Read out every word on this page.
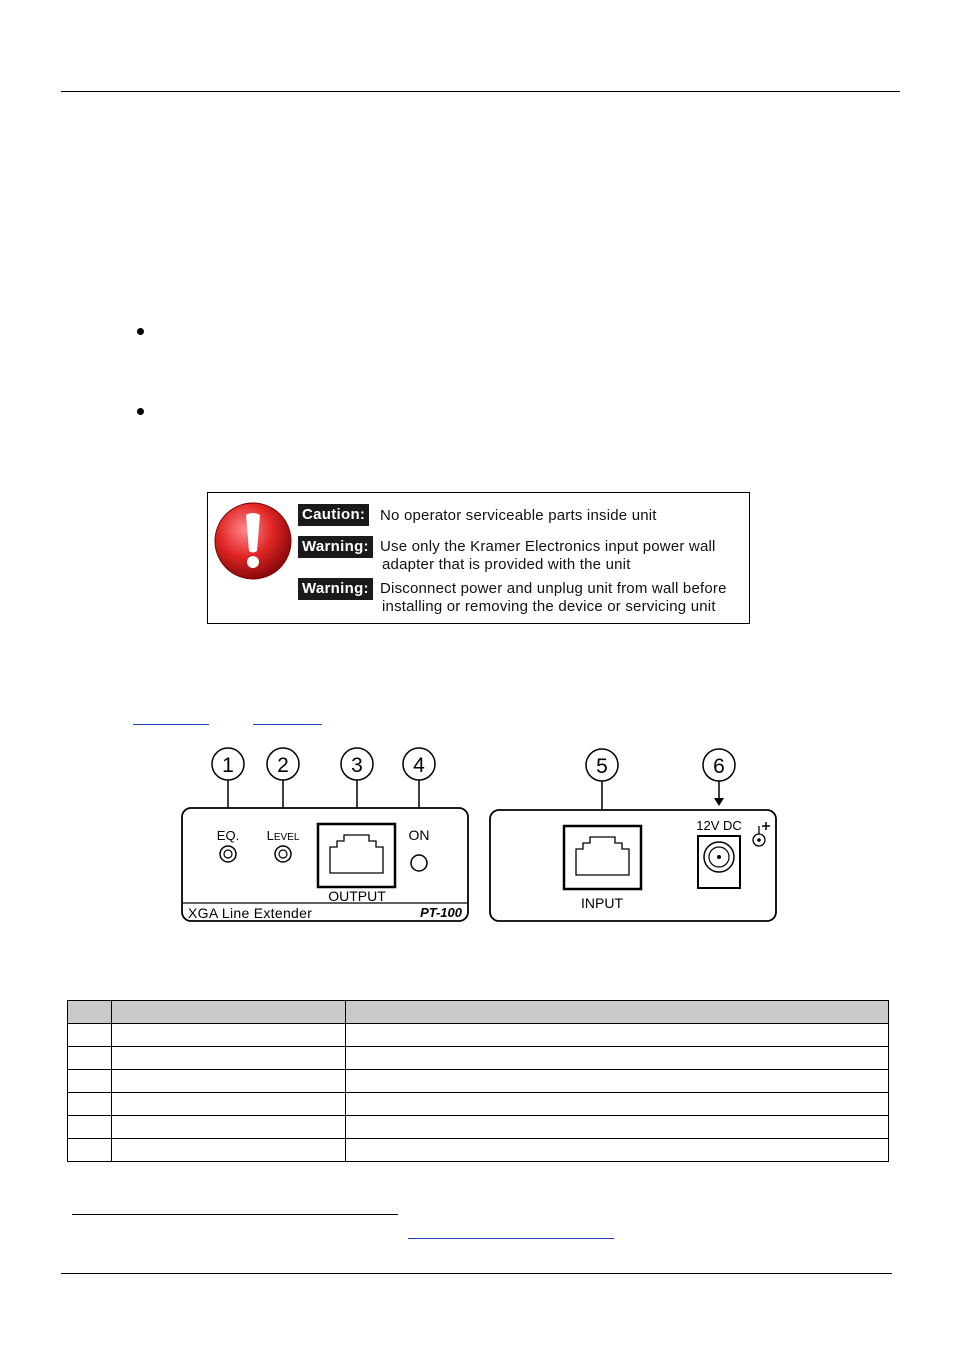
Caution: No operator serviceable parts inside unit
Warning: Use only the Kramer Electronics input power wall
adapter that is provided with the unit
Warning: Disconnect power and unplug unit from wall before
installing or removing the device or servicing unit
1 2	3 4	5	6
EQ. LEVEL
OUTPUT
ON
XGA Line Extender	PT-100
INPUT
12V DC
